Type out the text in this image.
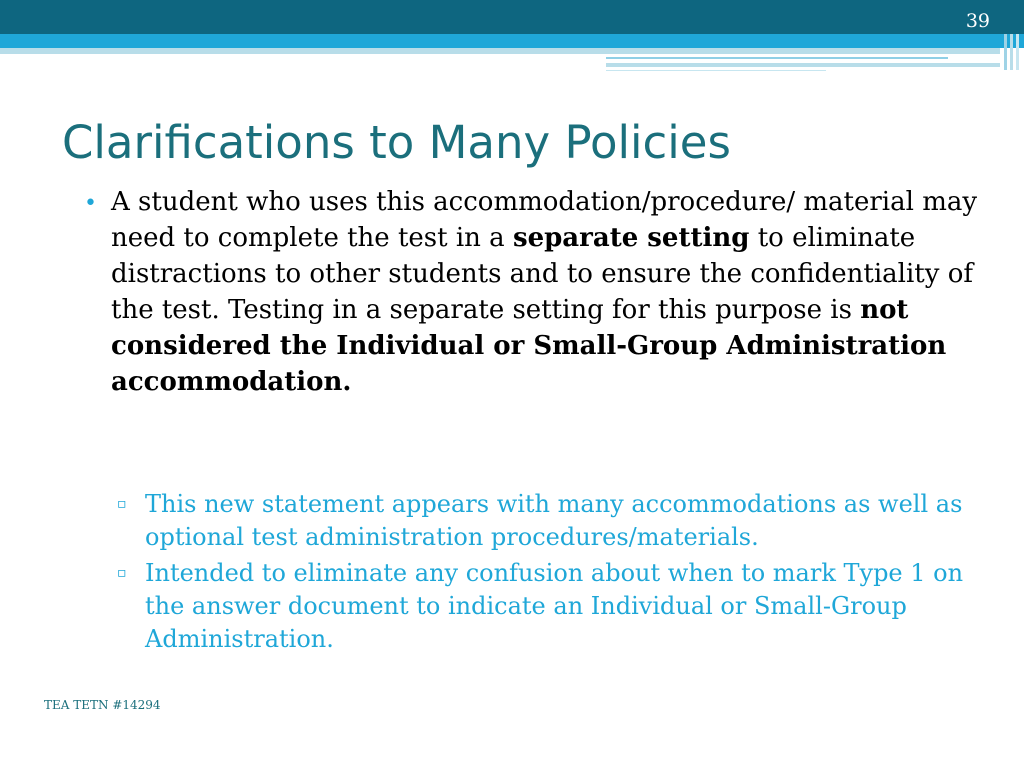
39
Clarifications to Many Policies
• A student who uses this accommodation/procedure/ material may need to complete the test in a separate setting to eliminate distractions to other students and to ensure the confidentiality of the test. Testing in a separate setting for this purpose is not considered the Individual or Small-Group Administration accommodation.

▫ This new statement appears with many accommodations as well as optional test administration procedures/materials.
▫ Intended to eliminate any confusion about when to mark Type 1 on the answer document to indicate an Individual or Small-Group Administration.
TEA TETN #14294
